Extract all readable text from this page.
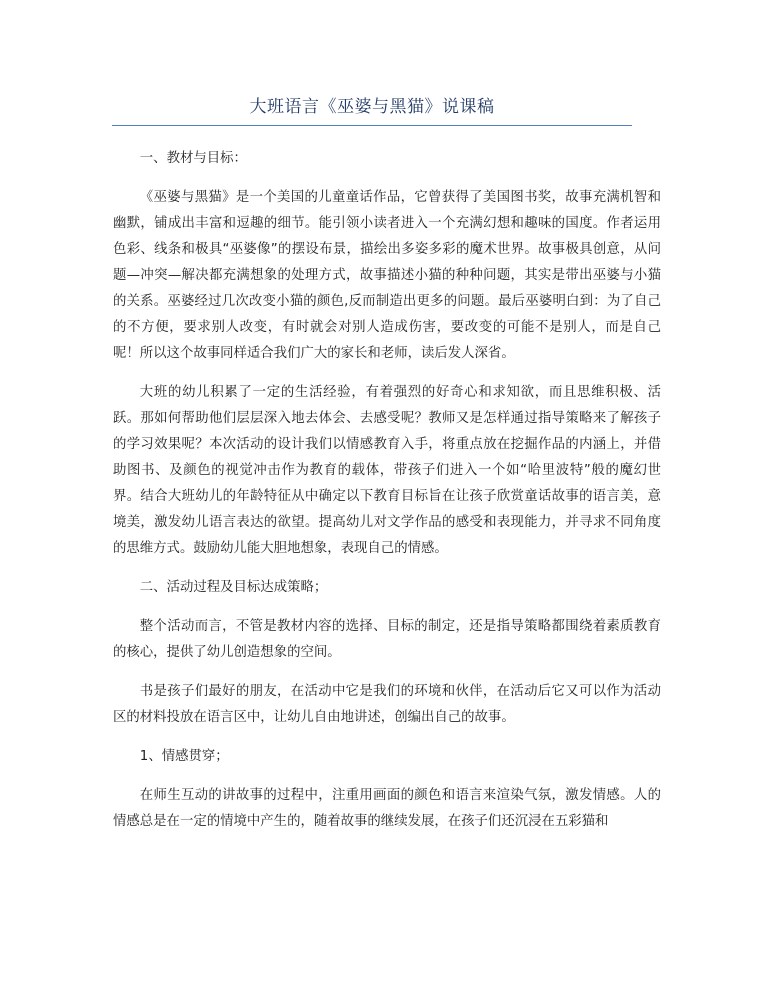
大班语言《巫婆与黑猫》说课稿

一、教材与目标：

《巫婆与黑猫》是一个美国的儿童童话作品，它曾获得了美国图书奖，故事充满机智和幽默，铺成出丰富和逗趣的细节。能引领小读者进入一个充满幻想和趣味的国度。作者运用色彩、线条和极具“巫婆像”的摆设布景，描绘出多姿多彩的魔术世界。故事极具创意，从问题—冲突—解决都充满想象的处理方式，故事描述小猫的种种问题，其实是带出巫婆与小猫的关系。巫婆经过几次改变小猫的颜色,反而制造出更多的问题。最后巫婆明白到：为了自己的不方便，要求别人改变，有时就会对别人造成伤害，要改变的可能不是别人，而是自己呢！所以这个故事同样适合我们广大的家长和老师，读后发人深省。

大班的幼儿积累了一定的生活经验，有着强烈的好奇心和求知欲，而且思维积极、活跃。那如何帮助他们层层深入地去体会、去感受呢？教师又是怎样通过指导策略来了解孩子的学习效果呢？本次活动的设计我们以情感教育入手，将重点放在挖掘作品的内涵上，并借助图书、及颜色的视觉冲击作为教育的载体，带孩子们进入一个如“哈里波特”般的魔幻世界。结合大班幼儿的年龄特征从中确定以下教育目标旨在让孩子欣赏童话故事的语言美，意境美，激发幼儿语言表达的欲望。提高幼儿对文学作品的感受和表现能力，并寻求不同角度的思维方式。鼓励幼儿能大胆地想象，表现自己的情感。

二、活动过程及目标达成策略；

整个活动而言，不管是教材内容的选择、目标的制定，还是指导策略都围绕着素质教育的核心，提供了幼儿创造想象的空间。

书是孩子们最好的朋友，在活动中它是我们的环境和伙伴，在活动后它又可以作为活动区的材料投放在语言区中，让幼儿自由地讲述，创编出自己的故事。

1、情感贯穿；

在师生互动的讲故事的过程中，注重用画面的颜色和语言来渲染气氛，激发情感。人的情感总是在一定的情境中产生的，随着故事的继续发展，在孩子们还沉浸在五彩猫和
